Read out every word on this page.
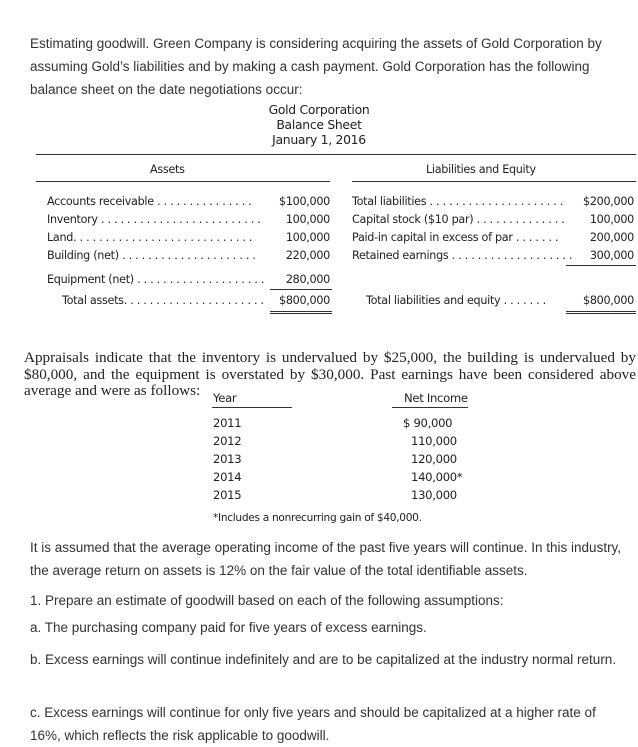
Estimating goodwill. Green Company is considering acquiring the assets of Gold Corporation by assuming Gold’s liabilities and by making a cash payment. Gold Corporation has the following balance sheet on the date negotiations occur:
Gold Corporation
Balance Sheet
January 1, 2016
Assets	Liabilities and Equity
Accounts receivable . . . . . . . . . . . . . . .	$100,000
Inventory . . . . . . . . . . . . . . . . . . . . . . . . .	100,000
Land. . . . . . . . . . . . . . . . . . . . . . . . . . . .	100,000
Building (net) . . . . . . . . . . . . . . . . . . . . .	220,000
Equipment (net) . . . . . . . . . . . . . . . . . . . .	280,000
Total assets. . . . . . . . . . . . . . . . . . . . . .	$800,000
Total liabilities . . . . . . . . . . . . . . . . . . . . .	$200,000
Capital stock ($10 par) . . . . . . . . . . . . . .	100,000
Paid-in capital in excess of par . . . . . . .	200,000
Retained earnings . . . . . . . . . . . . . . . . . . .	300,000
Total liabilities and equity . . . . . . .	$800,000
Appraisals indicate that the inventory is undervalued by $25,000, the building is undervalued by $80,000, and the equipment is overstated by $30,000. Past earnings have been considered above average and were as follows:	Year	Net Income
2011	$ 90,000
2012	110,000
2013	120,000
2014	140,000*
2015	130,000
*Includes a nonrecurring gain of $40,000.
It is assumed that the average operating income of the past five years will continue. In this industry, the average return on assets is 12% on the fair value of the total identifiable assets.
1. Prepare an estimate of goodwill based on each of the following assumptions:
a. The purchasing company paid for five years of excess earnings.
b. Excess earnings will continue indefinitely and are to be capitalized at the industry normal return.
c. Excess earnings will continue for only five years and should be capitalized at a higher rate of 16%, which reflects the risk applicable to goodwill.
